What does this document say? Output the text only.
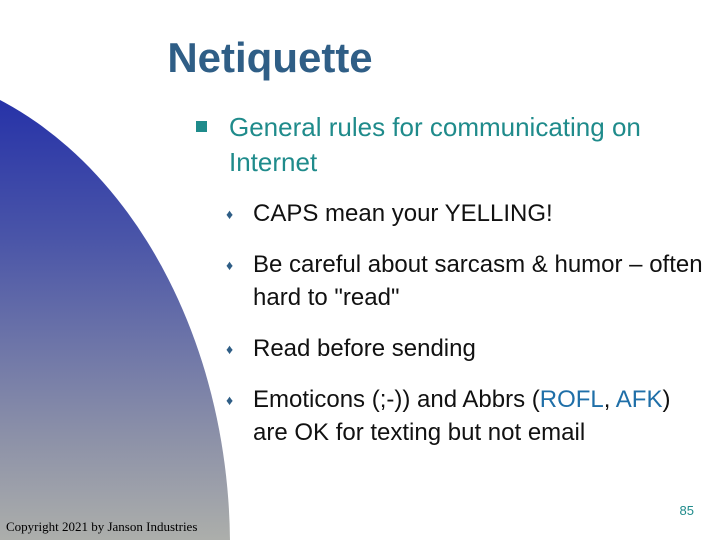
Netiquette
General rules for communicating on Internet
♦ CAPS mean your YELLING!
♦ Be careful about sarcasm & humor – often hard to "read"
♦ Read before sending
♦ Emoticons (;-)) and Abbrs (ROFL, AFK) are OK for texting but not email
85
Copyright 2021 by Janson Industries
